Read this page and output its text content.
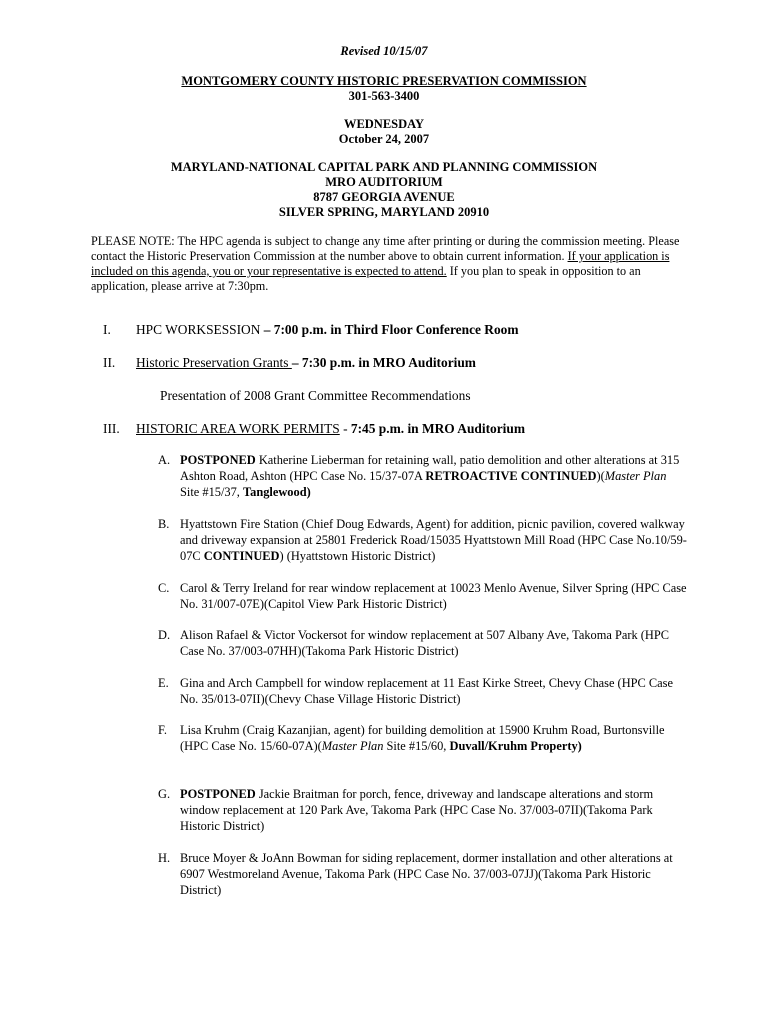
Revised 10/15/07
MONTGOMERY COUNTY HISTORIC PRESERVATION COMMISSION
301-563-3400
WEDNESDAY
October 24, 2007
MARYLAND-NATIONAL CAPITAL PARK AND PLANNING COMMISSION
MRO AUDITORIUM
8787 GEORGIA AVENUE
SILVER SPRING, MARYLAND 20910
PLEASE NOTE: The HPC agenda is subject to change any time after printing or during the commission meeting. Please contact the Historic Preservation Commission at the number above to obtain current information. If your application is included on this agenda, you or your representative is expected to attend. If you plan to speak in opposition to an application, please arrive at 7:30pm.
I. HPC WORKSESSION – 7:00 p.m. in Third Floor Conference Room
II. Historic Preservation Grants – 7:30 p.m. in MRO Auditorium
Presentation of 2008 Grant Committee Recommendations
III. HISTORIC AREA WORK PERMITS - 7:45 p.m. in MRO Auditorium
A. POSTPONED Katherine Lieberman for retaining wall, patio demolition and other alterations at 315 Ashton Road, Ashton (HPC Case No. 15/37-07A RETROACTIVE CONTINUED)(Master Plan Site #15/37, Tanglewood)
B. Hyattstown Fire Station (Chief Doug Edwards, Agent) for addition, picnic pavilion, covered walkway and driveway expansion at 25801 Frederick Road/15035 Hyattstown Mill Road (HPC Case No.10/59-07C CONTINUED) (Hyattstown Historic District)
C. Carol & Terry Ireland for rear window replacement at 10023 Menlo Avenue, Silver Spring (HPC Case No. 31/007-07E)(Capitol View Park Historic District)
D. Alison Rafael & Victor Vockersot for window replacement at 507 Albany Ave, Takoma Park (HPC Case No. 37/003-07HH)(Takoma Park Historic District)
E. Gina and Arch Campbell for window replacement at 11 East Kirke Street, Chevy Chase (HPC Case No. 35/013-07II)(Chevy Chase Village Historic District)
F. Lisa Kruhm (Craig Kazanjian, agent) for building demolition at 15900 Kruhm Road, Burtonsville (HPC Case No. 15/60-07A)(Master Plan Site #15/60, Duvall/Kruhm Property)
G. POSTPONED Jackie Braitman for porch, fence, driveway and landscape alterations and storm window replacement at 120 Park Ave, Takoma Park (HPC Case No. 37/003-07II)(Takoma Park Historic District)
H. Bruce Moyer & JoAnn Bowman for siding replacement, dormer installation and other alterations at 6907 Westmoreland Avenue, Takoma Park (HPC Case No. 37/003-07JJ)(Takoma Park Historic District)
